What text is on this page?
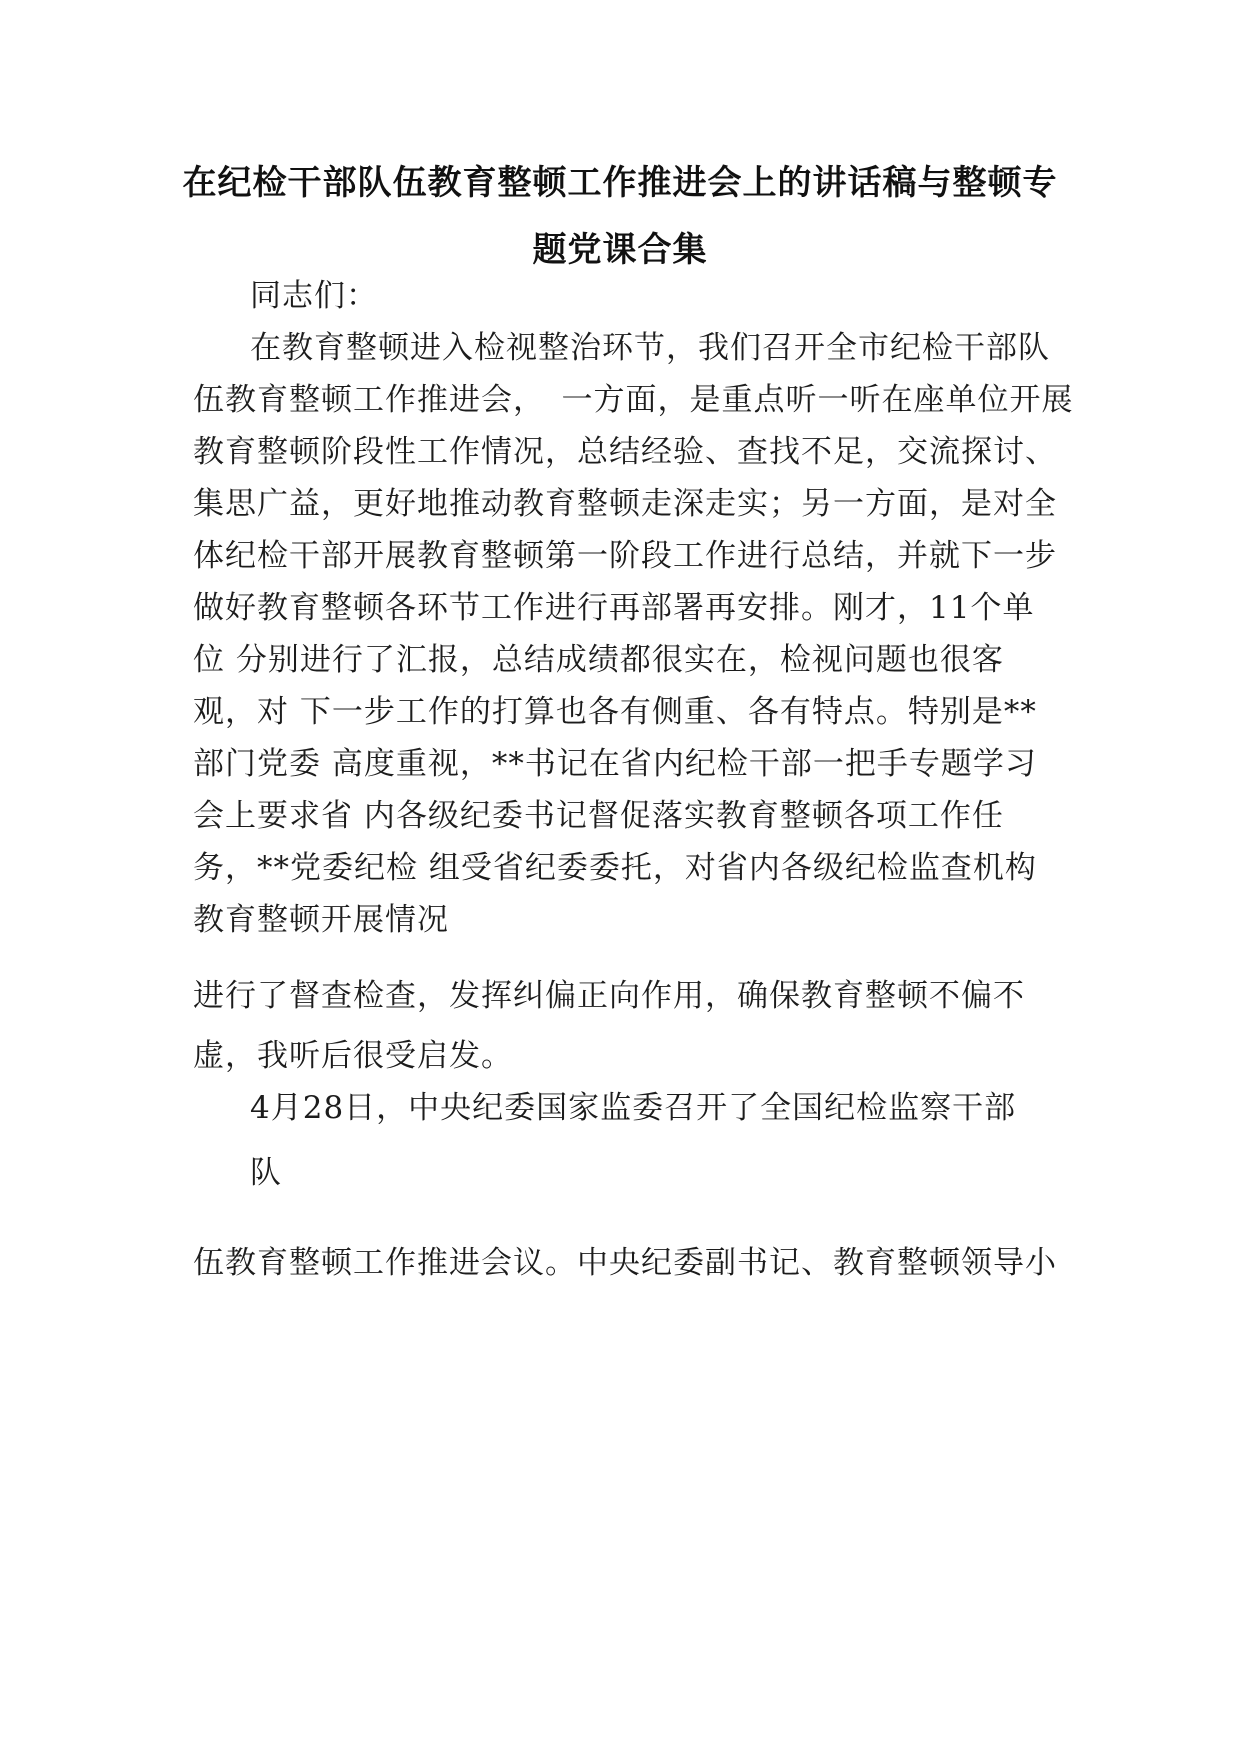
在纪检干部队伍教育整顿工作推进会上的讲话稿与整顿专
题党课合集
同志们：
在教育整顿进入检视整治环节，我们召开全市纪检干部队
伍教育整顿工作推进会，　一方面，是重点听一听在座单位开展
教育整顿阶段性工作情况，总结经验、查找不足，交流探讨、
集思广益，更好地推动教育整顿走深走实；另一方面，是对全
体纪检干部开展教育整顿第一阶段工作进行总结，并就下一步
做好教育整顿各环节工作进行再部署再安排。刚才，11个单
位 分别进行了汇报，总结成绩都很实在，检视问题也很客
观，对 下一步工作的打算也各有侧重、各有特点。特别是**
部门党委 高度重视，**书记在省内纪检干部一把手专题学习
会上要求省 内各级纪委书记督促落实教育整顿各项工作任
务，**党委纪检 组受省纪委委托，对省内各级纪检监查机构
教育整顿开展情况
进行了督查检查，发挥纠偏正向作用，确保教育整顿不偏不
虚，我听后很受启发。
4月28日，中央纪委国家监委召开了全国纪检监察干部
队
伍教育整顿工作推进会议。中央纪委副书记、教育整顿领导小
